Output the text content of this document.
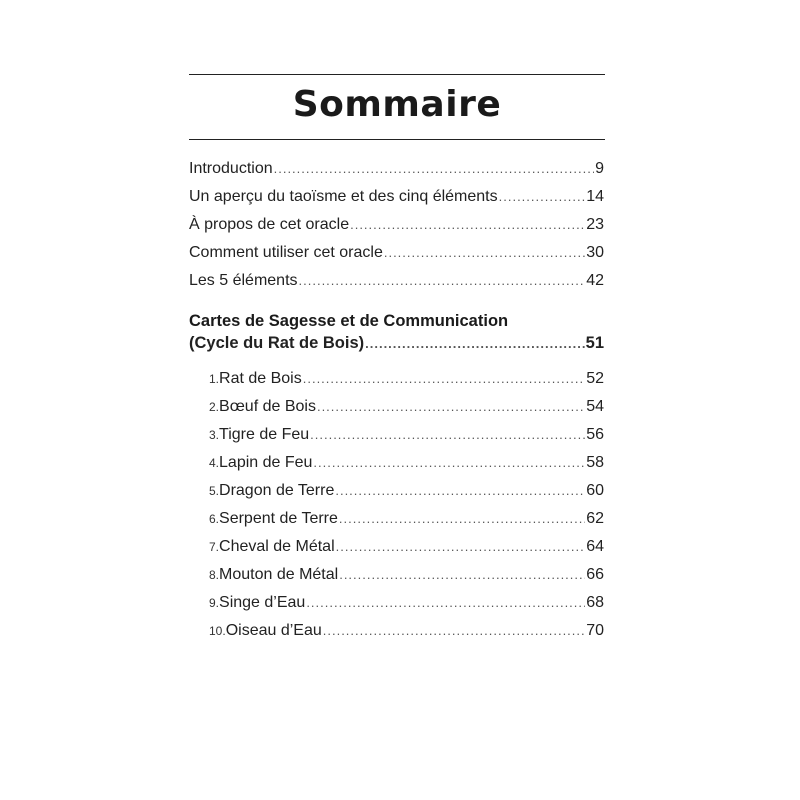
Sommaire
Introduction .....	9
Un aperçu du taoïsme et des cinq éléments .....	14
À propos de cet oracle .....	23
Comment utiliser cet oracle .....	30
Les 5 éléments .....	42
Cartes de Sagesse et de Communication
(Cycle du Rat de Bois) .....	51
1. Rat de Bois .....	52
2. Bœuf de Bois .....	54
3. Tigre de Feu .....	56
4. Lapin de Feu .....	58
5. Dragon de Terre .....	60
6. Serpent de Terre .....	62
7. Cheval de Métal .....	64
8. Mouton de Métal .....	66
9. Singe d’Eau .....	68
10. Oiseau d’Eau .....	70
